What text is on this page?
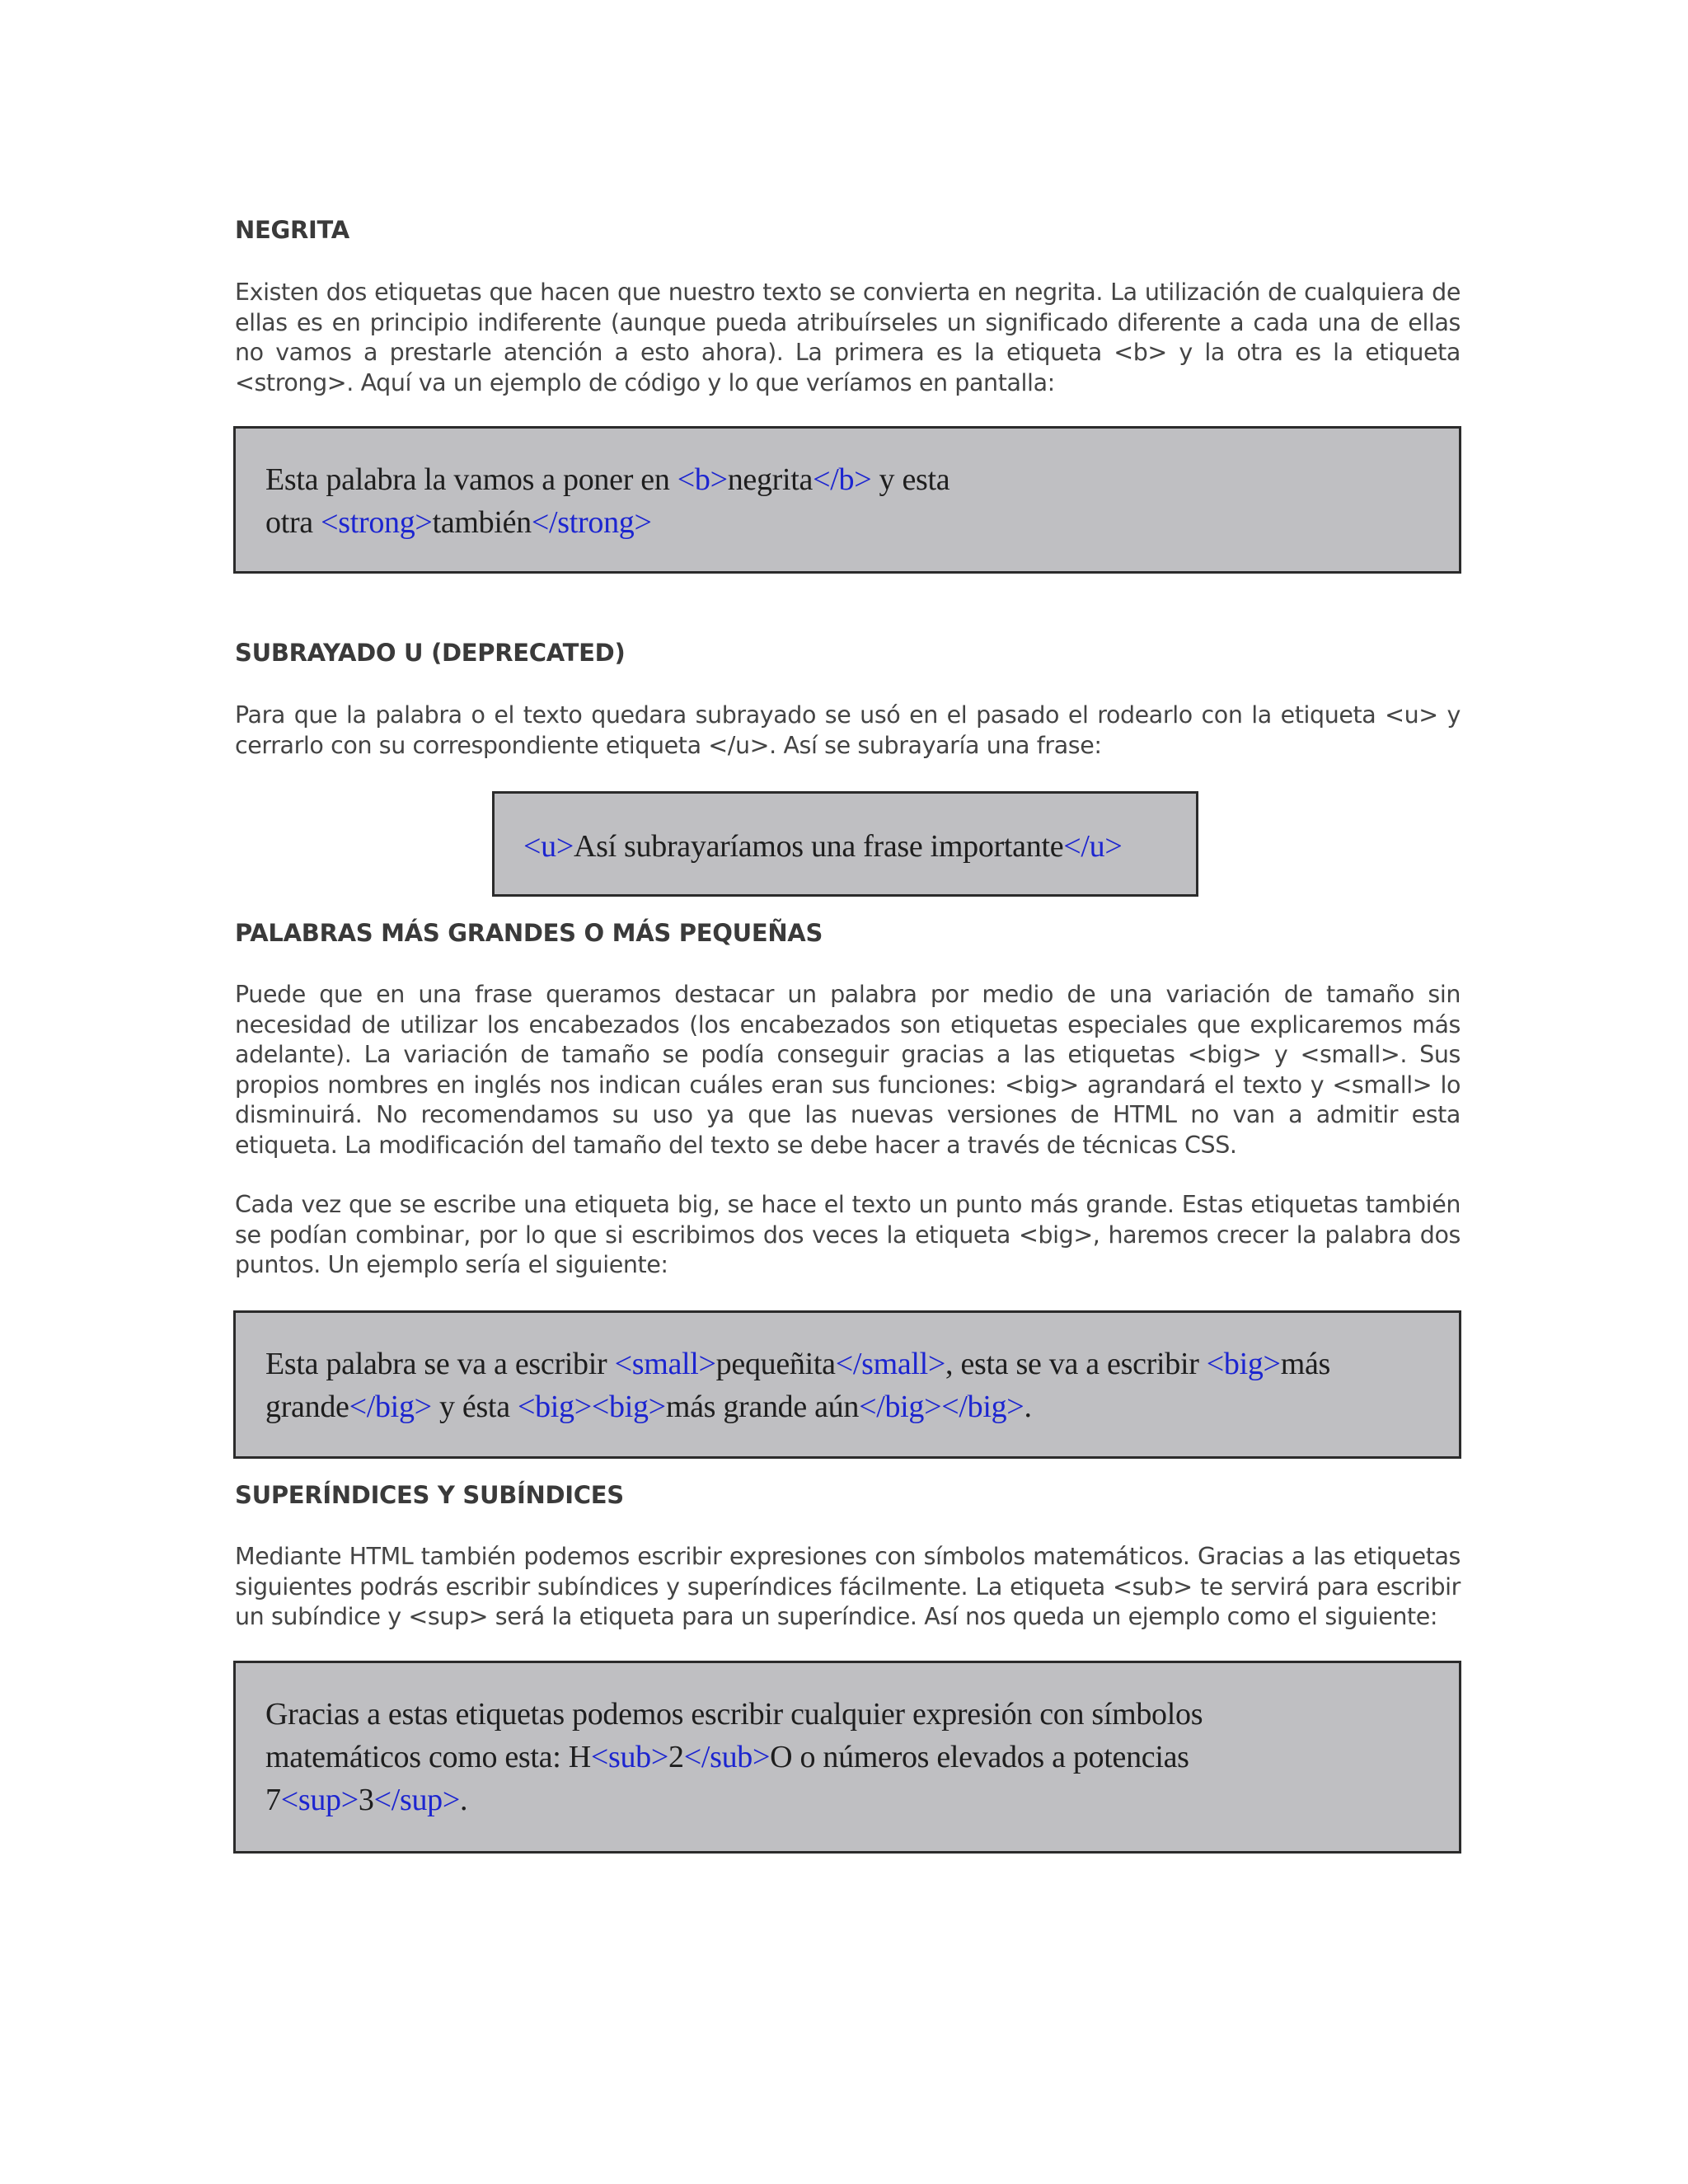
NEGRITA

Existen dos etiquetas que hacen que nuestro texto se convierta en negrita. La utilización de cualquiera de ellas es en principio indiferente (aunque pueda atribuírseles un significado diferente a cada una de ellas no vamos a prestarle atención a esto ahora). La primera es la etiqueta <b> y la otra es la etiqueta <strong>. Aquí va un ejemplo de código y lo que veríamos en pantalla:

Esta palabra la vamos a poner en <b>negrita</b> y esta
otra <strong>también</strong>
SUBRAYADO U (DEPRECATED)

Para que la palabra o el texto quedara subrayado se usó en el pasado el rodearlo con la etiqueta <u> y cerrarlo con su correspondiente etiqueta </u>. Así se subrayaría una frase:

<u>Así subrayaríamos una frase importante</u>
PALABRAS MÁS GRANDES O MÁS PEQUEÑAS

Puede que en una frase queramos destacar un palabra por medio de una variación de tamaño sin necesidad de utilizar los encabezados (los encabezados son etiquetas especiales que explicaremos más adelante). La variación de tamaño se podía conseguir gracias a las etiquetas <big> y <small>. Sus propios nombres en inglés nos indican cuáles eran sus funciones: <big> agrandará el texto y <small> lo disminuirá. No recomendamos su uso ya que las nuevas versiones de HTML no van a admitir esta etiqueta. La modificación del tamaño del texto se debe hacer a través de técnicas CSS.

Cada vez que se escribe una etiqueta big, se hace el texto un punto más grande. Estas etiquetas también se podían combinar, por lo que si escribimos dos veces la etiqueta <big>, haremos crecer la palabra dos puntos. Un ejemplo sería el siguiente:

Esta palabra se va a escribir <small>pequeñita</small>, esta se va a escribir <big>más
grande</big> y ésta <big><big>más grande aún</big></big>.
SUPERÍNDICES Y SUBÍNDICES

Mediante HTML también podemos escribir expresiones con símbolos matemáticos. Gracias a las etiquetas siguientes podrás escribir subíndices y superíndices fácilmente. La etiqueta <sub> te servirá para escribir un subíndice y <sup> será la etiqueta para un superíndice. Así nos queda un ejemplo como el siguiente:

Gracias a estas etiquetas podemos escribir cualquier expresión con símbolos
matemáticos como esta: H<sub>2</sub>O o números elevados a potencias
7<sup>3</sup>.
